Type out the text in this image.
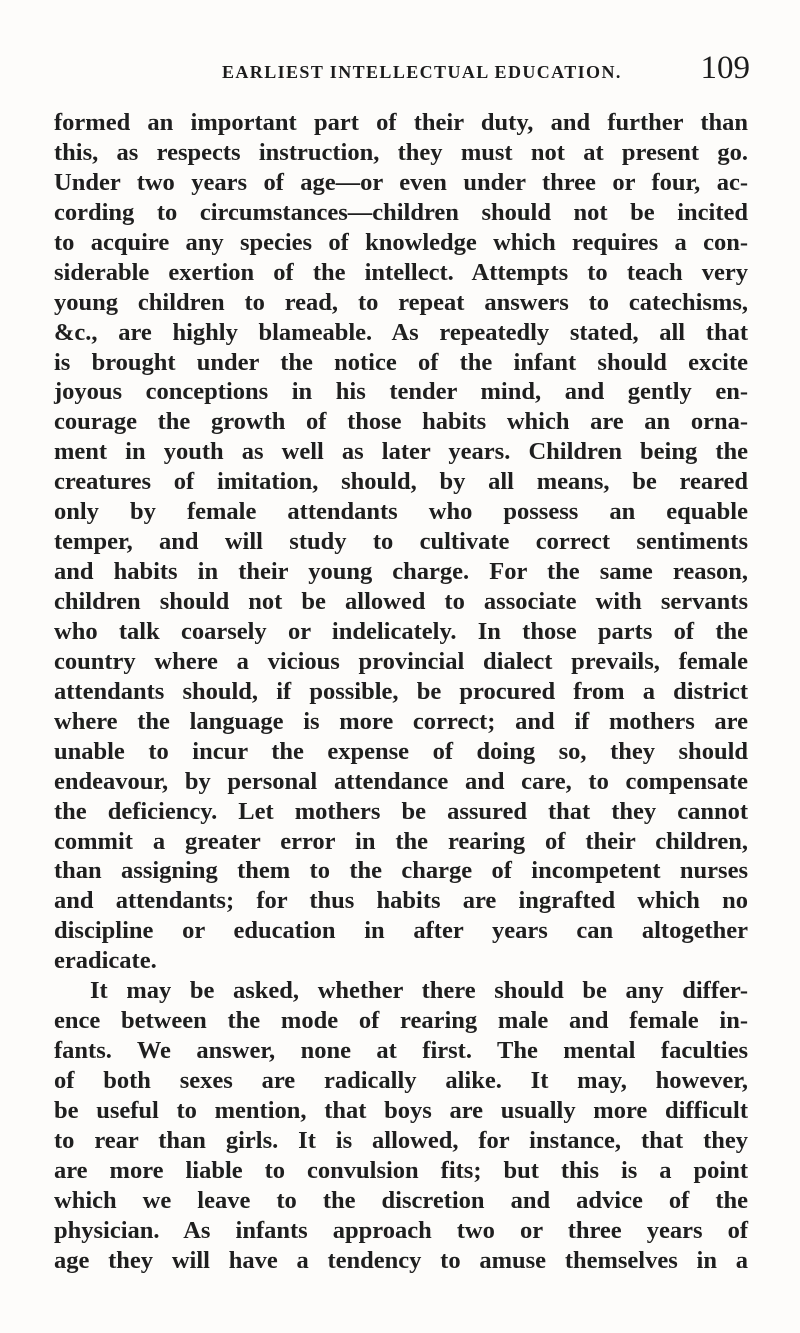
EARLIEST INTELLECTUAL EDUCATION. 109
formed an important part of their duty, and further than
this, as respects instruction, they must not at present go.
Under two years of age—or even under three or four, ac-
cording to circumstances—children should not be incited
to acquire any species of knowledge which requires a con-
siderable exertion of the intellect. Attempts to teach very
young children to read, to repeat answers to catechisms,
&c., are highly blameable. As repeatedly stated, all that
is brought under the notice of the infant should excite
joyous conceptions in his tender mind, and gently en-
courage the growth of those habits which are an orna-
ment in youth as well as later years. Children being the
creatures of imitation, should, by all means, be reared
only by female attendants who possess an equable
temper, and will study to cultivate correct sentiments
and habits in their young charge. For the same reason,
children should not be allowed to associate with servants
who talk coarsely or indelicately. In those parts of the
country where a vicious provincial dialect prevails, female
attendants should, if possible, be procured from a district
where the language is more correct; and if mothers are
unable to incur the expense of doing so, they should
endeavour, by personal attendance and care, to compensate
the deficiency. Let mothers be assured that they cannot
commit a greater error in the rearing of their children,
than assigning them to the charge of incompetent nurses
and attendants; for thus habits are ingrafted which no
discipline or education in after years can altogether
eradicate.
It may be asked, whether there should be any differ-
ence between the mode of rearing male and female in-
fants. We answer, none at first. The mental faculties
of both sexes are radically alike. It may, however,
be useful to mention, that boys are usually more difficult
to rear than girls. It is allowed, for instance, that they
are more liable to convulsion fits; but this is a point
which we leave to the discretion and advice of the
physician. As infants approach two or three years of
age they will have a tendency to amuse themselves in a
